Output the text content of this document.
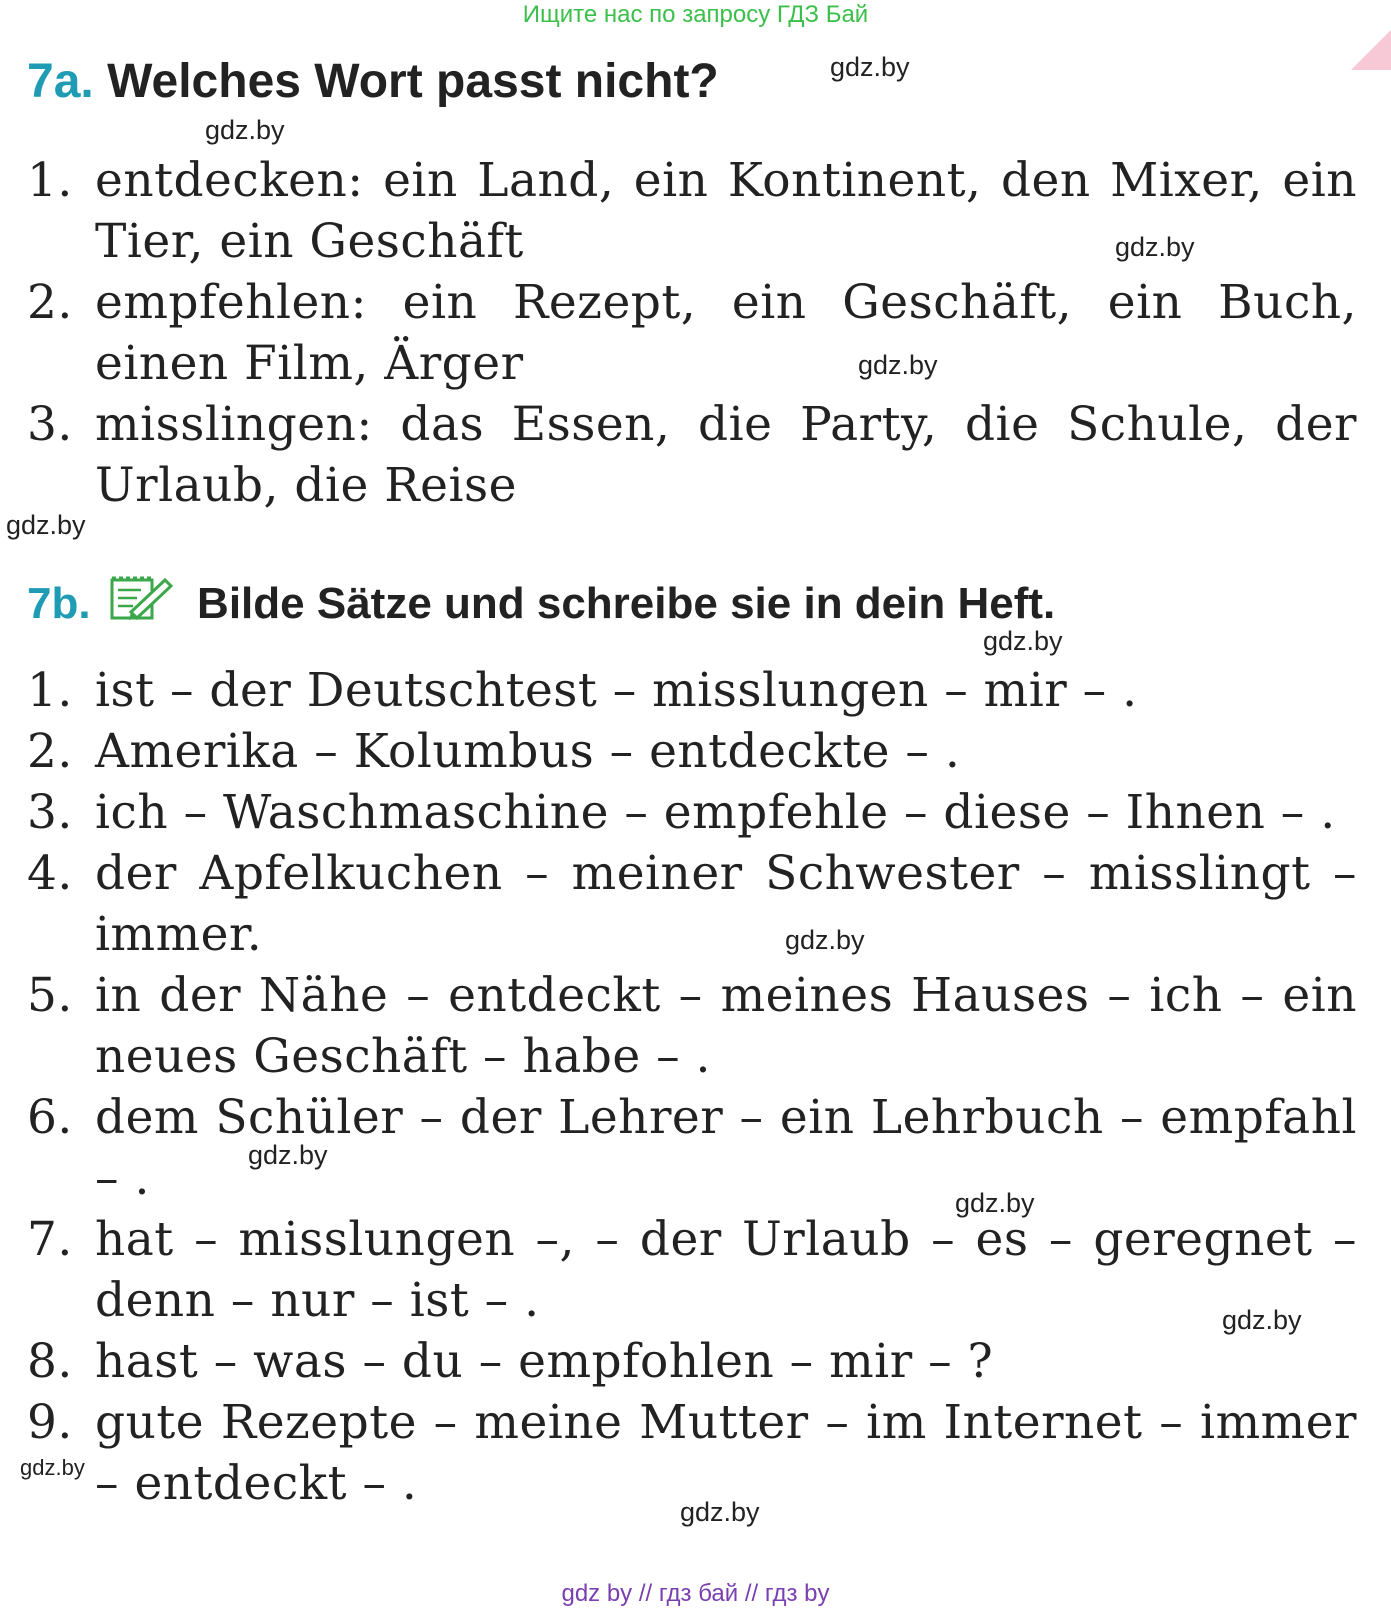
Ищите нас по запросу ГДЗ Бай
7a. Welches Wort passt nicht?
1. entdecken: ein Land, ein Kontinent, den Mixer, ein Tier, ein Geschäft
2. empfehlen: ein Rezept, ein Geschäft, ein Buch, einen Film, Ärger
3. misslingen: das Essen, die Party, die Schule, der Urlaub, die Reise
7b. Bilde Sätze und schreibe sie in dein Heft.
1. ist – der Deutschtest – misslungen – mir – .
2. Amerika – Kolumbus – entdeckte – .
3. ich – Waschmaschine – empfehle – diese – Ihnen – .
4. der Apfelkuchen – meiner Schwester – misslingt – immer.
5. in der Nähe – entdeckt – meines Hauses – ich – ein neues Geschäft – habe – .
6. dem Schüler – der Lehrer – ein Lehrbuch – empfahl – .
7. hat – misslungen –, – der Urlaub – es – geregnet – denn – nur – ist – .
8. hast – was – du – empfohlen – mir – ?
9. gute Rezepte – meine Mutter – im Internet – immer – entdeckt – .
gdz.by
gdz.by
gdz.by
gdz.by
gdz.by
gdz.by
gdz.by
gdz.by
gdz.by
gdz.by
gdz.by
gdz.by
gdz by // гдз бай // гдз by
